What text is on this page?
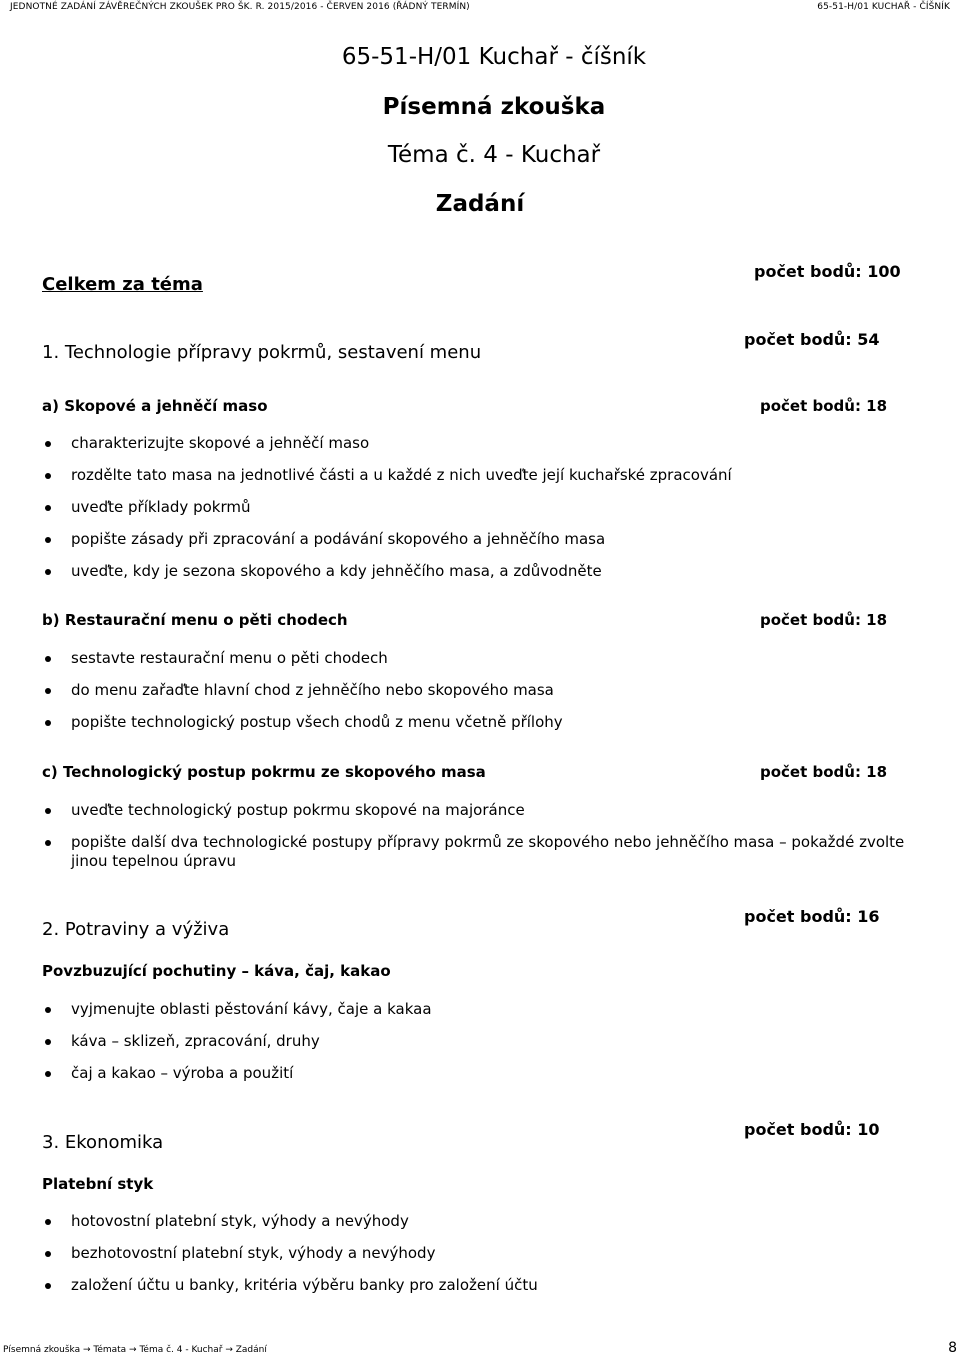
JEDNOTNÉ ZADÁNÍ ZÁVĚREČNÝCH ZKOUŠEK PRO ŠK. R. 2015/2016 - ČERVEN 2016 (ŘÁDNÝ TERMÍN)	65-51-H/01 KUCHAŘ - ČÍŠNÍK
65-51-H/01 Kuchař - číšník
Písemná zkouška
Téma č. 4 - Kuchař
Zadání
Celkem za téma
počet bodů: 100
1. Technologie přípravy pokrmů, sestavení menu
počet bodů: 54
a) Skopové a jehněčí maso	počet bodů: 18
charakterizujte skopové a jehněčí maso
rozdělte tato masa na jednotlivé části a u každé z nich uveďte její kuchařské zpracování
uveďte příklady pokrmů
popište zásady při zpracování a podávání skopového a jehněčího masa
uveďte, kdy je sezona skopového a kdy jehněčího masa, a zdůvodněte
b) Restaurační menu o pěti chodech	počet bodů: 18
sestavte restaurační menu o pěti chodech
do menu zařaďte hlavní chod z jehněčího nebo skopového masa
popište technologický postup všech chodů z menu včetně přílohy
c) Technologický postup pokrmu ze skopového masa	počet bodů: 18
uveďte technologický postup pokrmu skopové na majoránce
popište další dva technologické postupy přípravy pokrmů ze skopového nebo jehněčího masa – pokaždé zvolte jinou tepelnou úpravu
2. Potraviny a výživa
počet bodů: 16
Povzbuzující pochutiny – káva, čaj, kakao
vyjmenujte oblasti pěstování kávy, čaje a kakaa
káva – sklizeň, zpracování, druhy
čaj a kakao – výroba a použití
3. Ekonomika
počet bodů: 10
Platební styk
hotovostní platební styk, výhody a nevýhody
bezhotovostní platební styk, výhody a nevýhody
založení účtu u banky, kritéria výběru banky pro založení účtu
Písemná zkouška → Témata → Téma č. 4 - Kuchař → Zadání	8
